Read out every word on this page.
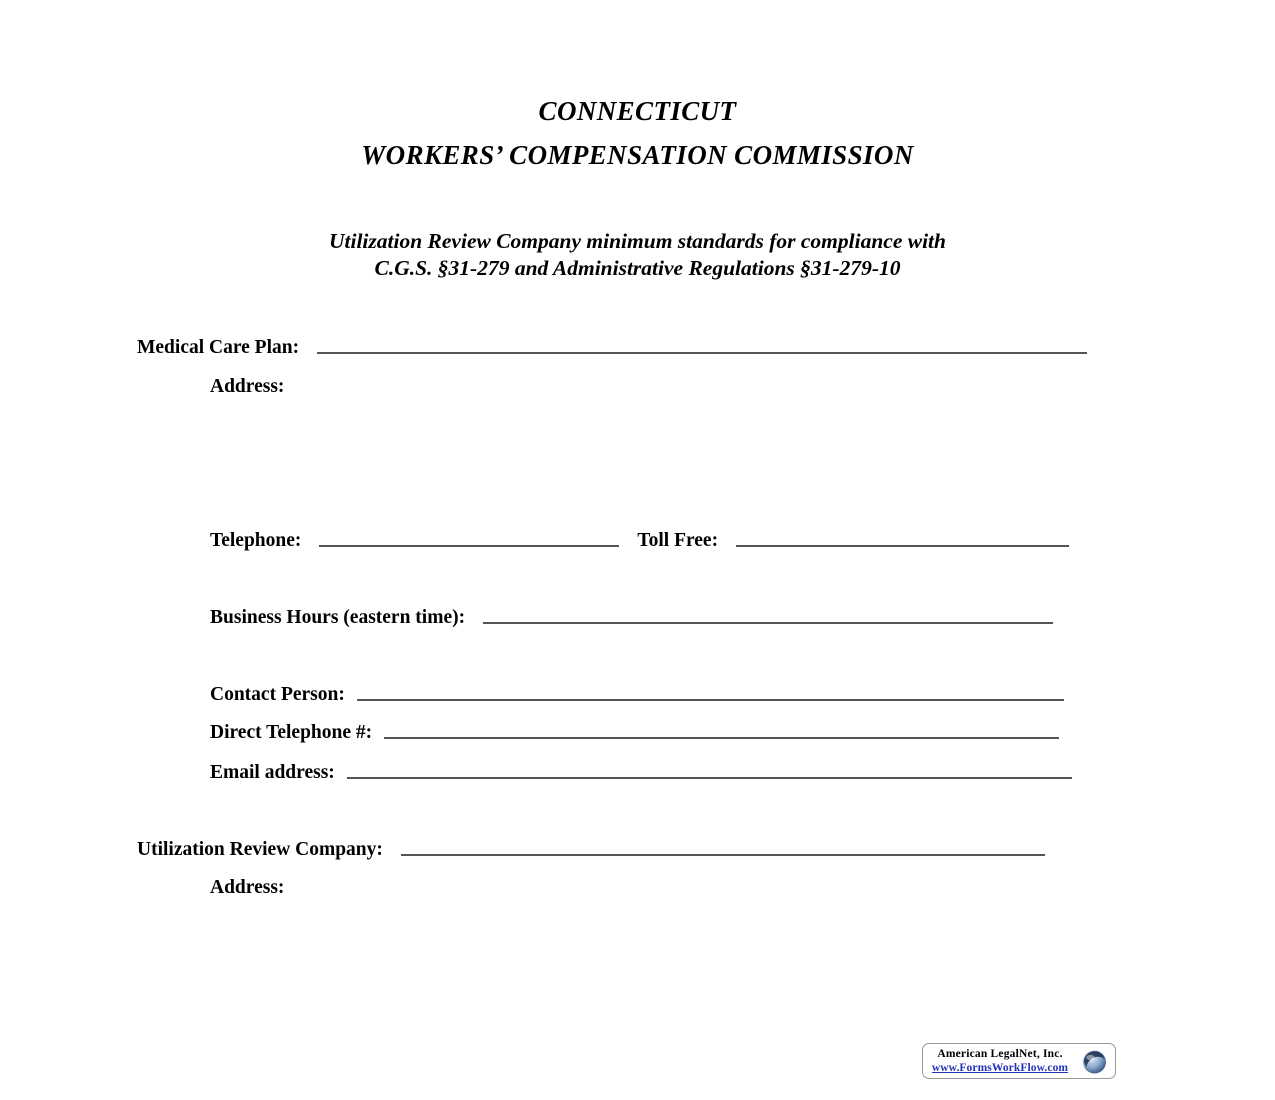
CONNECTICUT
WORKERS’ COMPENSATION COMMISSION
Utilization Review Company minimum standards for compliance with
C.G.S. §31-279 and Administrative Regulations §31-279-10
Medical Care Plan:
Address:
Telephone:	Toll Free:
Business Hours (eastern time):
Contact Person:
Direct Telephone #:
Email address:
Utilization Review Company:
Address:
American LegalNet, Inc.
www.FormsWorkFlow.com
